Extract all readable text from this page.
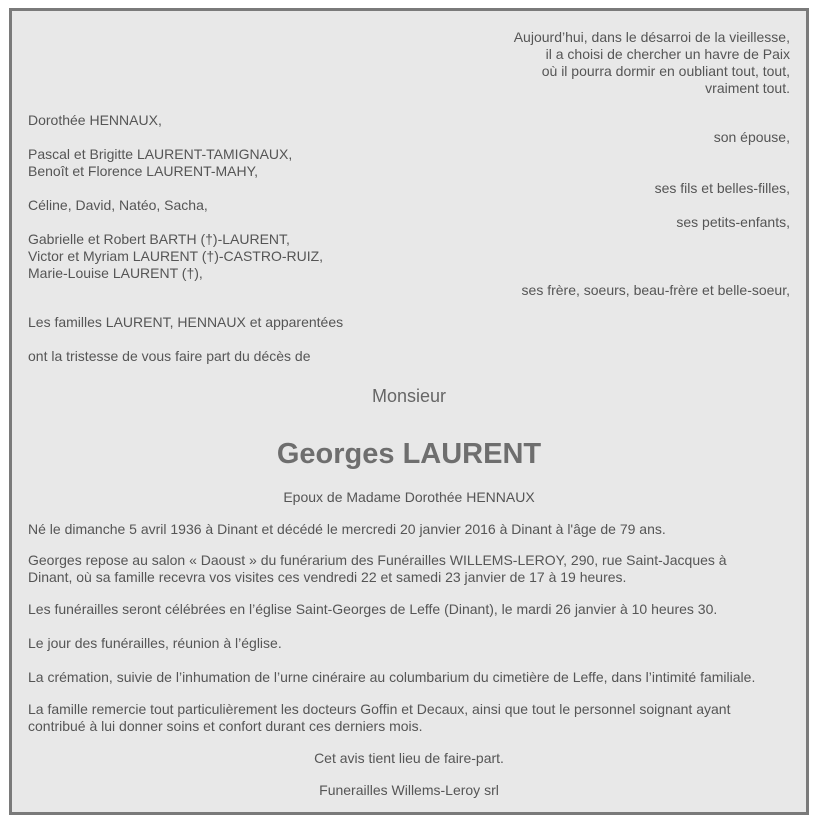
Aujourd’hui, dans le désarroi de la vieillesse,
il a choisi de chercher un havre de Paix
où il pourra dormir en oubliant tout, tout,
vraiment tout.
Dorothée HENNAUX,
son épouse,
Pascal et Brigitte LAURENT-TAMIGNAUX,
Benoît et Florence LAURENT-MAHY,
ses fils et belles-filles,
Céline, David, Natéo, Sacha,
ses petits-enfants,
Gabrielle et Robert BARTH (†)-LAURENT,
Victor et Myriam LAURENT (†)-CASTRO-RUIZ,
Marie-Louise LAURENT (†),
ses frère, soeurs, beau-frère et belle-soeur,
Les familles LAURENT, HENNAUX et apparentées
ont la tristesse de vous faire part du décès de
Monsieur
Georges LAURENT
Epoux de Madame Dorothée HENNAUX
Né le dimanche 5 avril 1936 à Dinant et décédé le mercredi 20 janvier 2016 à Dinant à l'âge de 79 ans.
Georges repose au salon « Daoust » du funérarium des Funérailles WILLEMS-LEROY, 290, rue Saint-Jacques à
Dinant, où sa famille recevra vos visites ces vendredi 22 et samedi 23 janvier de 17 à 19 heures.
Les funérailles seront célébrées en l’église Saint-Georges de Leffe (Dinant), le mardi 26 janvier à 10 heures 30.
Le jour des funérailles, réunion à l’église.
La crémation, suivie de l’inhumation de l’urne cinéraire au columbarium du cimetière de Leffe, dans l’intimité familiale.
La famille remercie tout particulièrement les docteurs Goffin et Decaux, ainsi que tout le personnel soignant ayant
contribué à lui donner soins et confort durant ces derniers mois.
Cet avis tient lieu de faire-part.
Funerailles Willems-Leroy srl
